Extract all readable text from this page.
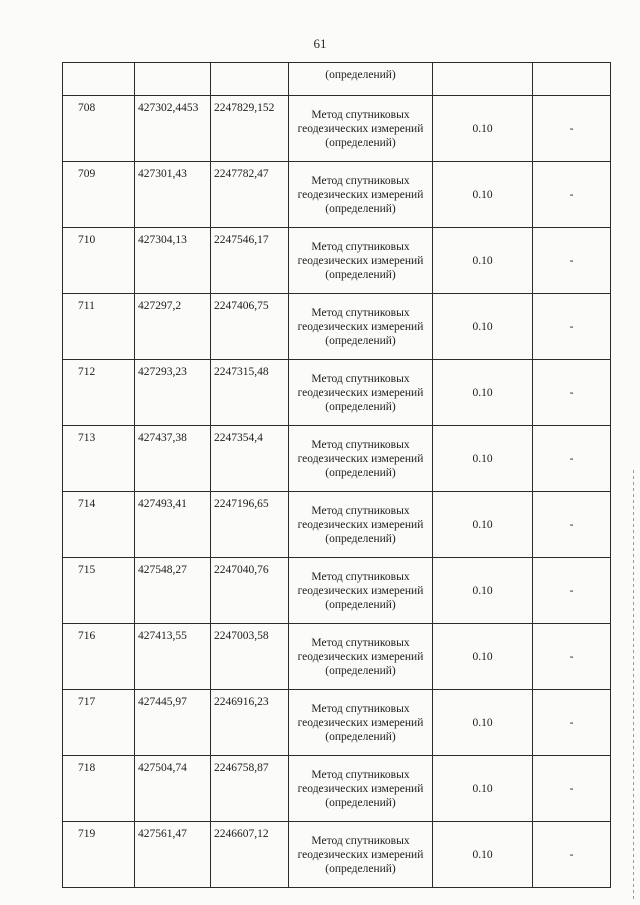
61
			(определений)		
708	427302,4453	2247829,152	Метод спутниковых
геодезических измерений
(определений)	0.10	-
709	427301,43	2247782,47	Метод спутниковых
геодезических измерений
(определений)	0.10	-
710	427304,13	2247546,17	Метод спутниковых
геодезических измерений
(определений)	0.10	-
711	427297,2	2247406,75	Метод спутниковых
геодезических измерений
(определений)	0.10	-
712	427293,23	2247315,48	Метод спутниковых
геодезических измерений
(определений)	0.10	-
713	427437,38	2247354,4	Метод спутниковых
геодезических измерений
(определений)	0.10	-
714	427493,41	2247196,65	Метод спутниковых
геодезических измерений
(определений)	0.10	-
715	427548,27	2247040,76	Метод спутниковых
геодезических измерений
(определений)	0.10	-
716	427413,55	2247003,58	Метод спутниковых
геодезических измерений
(определений)	0.10	-
717	427445,97	2246916,23	Метод спутниковых
геодезических измерений
(определений)	0.10	-
718	427504,74	2246758,87	Метод спутниковых
геодезических измерений
(определений)	0.10	-
719	427561,47	2246607,12	Метод спутниковых
геодезических измерений
(определений)	0.10	-
